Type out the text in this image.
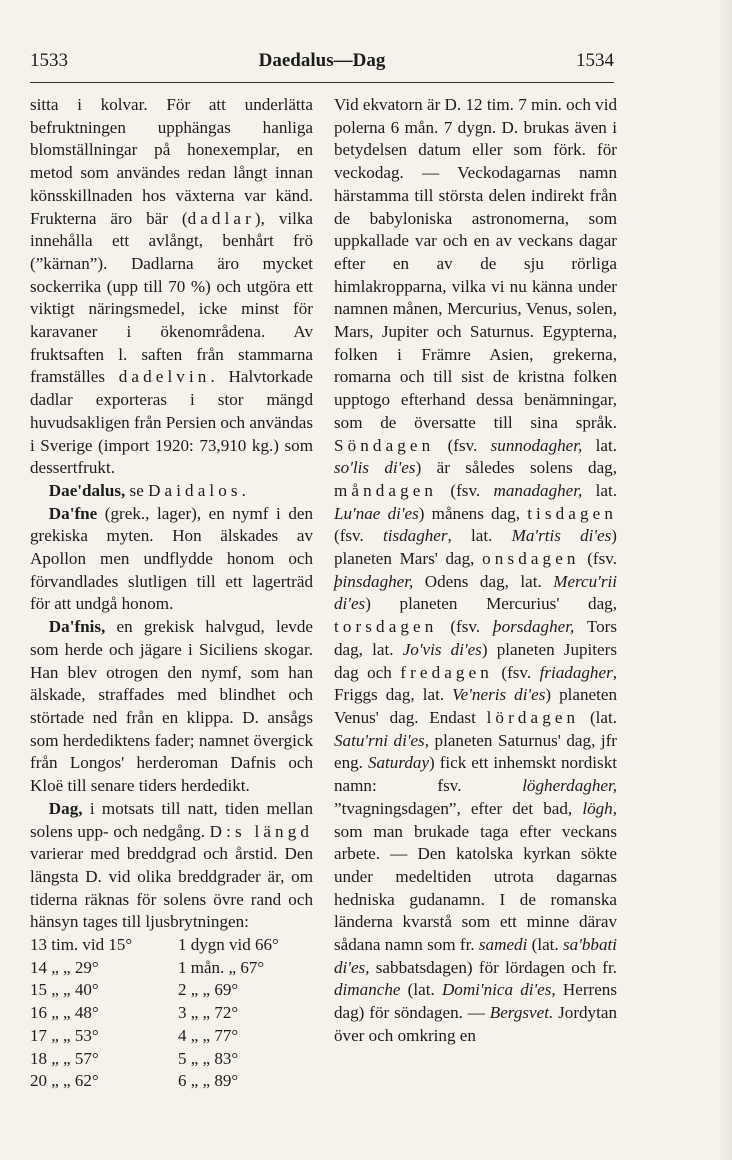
1533	Daedalus—Dag	1534

sitta i kolvar. För att underlätta befruktningen upphängas hanliga blomställningar på honexemplar, en metod som användes redan långt innan könsskillnaden hos växterna var känd. Frukterna äro bär (dadlar), vilka innehålla ett avlångt, benhårt frö (”kärnan”). Dadlarna äro mycket sockerrika (upp till 70 %) och utgöra ett viktigt näringsmedel, icke minst för karavaner i ökenområdena. Av fruktsaften l. saften från stammarna framställes dadelvin. Halvtorkade dadlar exporteras i stor mängd huvudsakligen från Persien och användas i Sverige (import 1920: 73,910 kg.) som dessertfrukt.

Dae'dalus, se Daidalos.

Da'fne (grek., lager), en nymf i den grekiska myten. Hon älskades av Apollon men undflydde honom och förvandlades slutligen till ett lagerträd för att undgå honom.

Da'fnis, en grekisk halvgud, levde som herde och jägare i Siciliens skogar. Han blev otrogen den nymf, som han älskade, straffades med blindhet och störtade ned från en klippa. D. ansågs som herdediktens fader; namnet övergick från Longos' herderoman Dafnis och Kloë till senare tiders herdedikt.

Dag, i motsats till natt, tiden mellan solens upp- och nedgång. D:s längd varierar med breddgrad och årstid. Den längsta D. vid olika breddgrader är, om tiderna räknas för solens övre rand och hänsyn tages till ljusbrytningen:

13 tim. vid 15°	1 dygn vid 66°
14 „ „ 29°	1 mån. „ 67°
15 „ „ 40°	2 „ „ 69°
16 „ „ 48°	3 „ „ 72°
17 „ „ 53°	4 „ „ 77°
18 „ „ 57°	5 „ „ 83°
20 „ „ 62°	6 „ „ 89°

Vid ekvatorn är D. 12 tim. 7 min. och vid polerna 6 mån. 7 dygn. D. brukas även i betydelsen datum eller som förk. för veckodag. — Veckodagarnas namn härstamma till största delen indirekt från de babyloniska astronomerna, som uppkallade var och en av veckans dagar efter en av de sju rörliga himlakropparna, vilka vi nu känna under namnen månen, Mercurius, Venus, solen, Mars, Jupiter och Saturnus. Egypterna, folken i Främre Asien, grekerna, romarna och till sist de kristna folken upptogo efterhand dessa benämningar, som de översatte till sina språk. Söndagen (fsv. sunnodagher, lat. so'lis di'es) är således solens dag, måndagen (fsv. manadagher, lat. Lu'nae di'es) månens dag, tisdagen (fsv. tisdagher, lat. Ma'rtis di'es) planeten Mars' dag, onsdagen (fsv. þinsdagher, Odens dag, lat. Mercu'rii di'es) planeten Mercurius' dag, torsdagen (fsv. þorsdagher, Tors dag, lat. Jo'vis di'es) planeten Jupiters dag och fredagen (fsv. friadagher, Friggs dag, lat. Ve'neris di'es) planeten Venus' dag. Endast lördagen (lat. Satu'rni di'es, planeten Saturnus' dag, jfr eng. Saturday) fick ett inhemskt nordiskt namn: fsv. lögherdagher, ”tvagningsdagen”, efter det bad, lögh, som man brukade taga efter veckans arbete. — Den katolska kyrkan sökte under medeltiden utrota dagarnas hedniska gudanamn. I de romanska länderna kvarstå som ett minne därav sådana namn som fr. samedi (lat. sa'bbati di'es, sabbatsdagen) för lördagen och fr. dimanche (lat. Domi'nica di'es, Herrens dag) för söndagen. — Bergsvet. Jordytan över och omkring en
